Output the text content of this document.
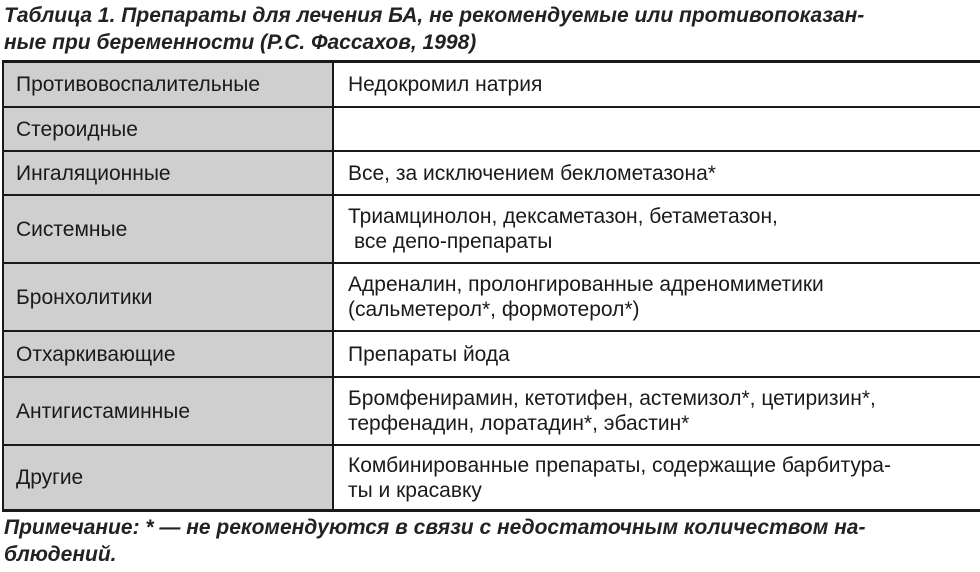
Таблица 1. Препараты для лечения БА, не рекомендуемые или противопоказан-
ные при беременности (Р.С. Фассахов, 1998)
Противовоспалительные	Недокромил натрия

Стероидные	
Ингаляционные	Все, за исключением беклометазона*

Системные	Триамцинолон, дексаметазон, бетаметазон,
все депо-препараты

Бронхолитики	Адреналин, пролонгированные адреномиметики
(сальметерол*, формотерол*)

Отхаркивающие	Препараты йода

Антигистаминные	Бромфенирамин, кетотифен, астемизол*, цетиризин*,
терфенадин, лоратадин*, эбастин*

Другие	Комбинированные препараты, содержащие барбитура-
ты и красавку
Примечание: * — не рекомендуются в связи с недостаточным количеством на-
блюдений.
